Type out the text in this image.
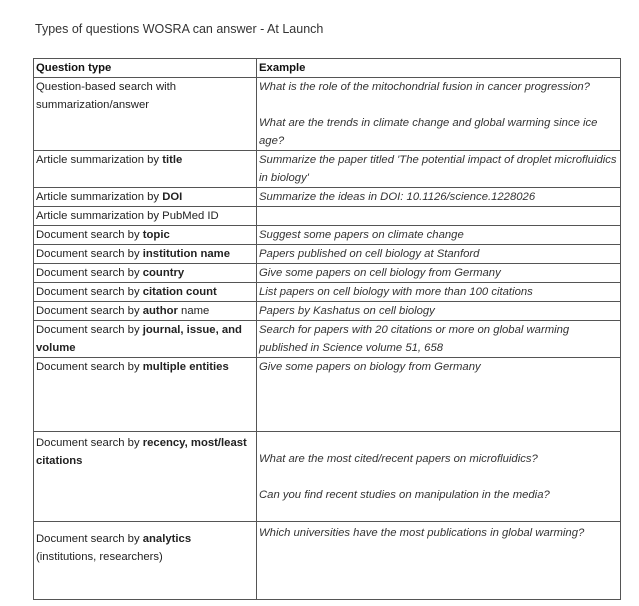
Types of questions WOSRA can answer - At Launch
Question type	Example
Question-based search with summarization/answer	What is the role of the mitochondrial fusion in cancer progression?

What are the trends in climate change and global warming since ice age?

Article summarization by title	Summarize the paper titled 'The potential impact of droplet microfluidics in biology'

Article summarization by DOI	Summarize the ideas in DOI: 10.1126/science.1228026

Article summarization by PubMed ID	

Document search by topic	Suggest some papers on climate change

Document search by institution name	Papers published on cell biology at Stanford

Document search by country	Give some papers on cell biology from Germany

Document search by citation count	List papers on cell biology with more than 100 citations

Document search by author name	Papers by Kashatus on cell biology

Document search by journal, issue, and volume	Search for papers with 20 citations or more on global warming published in Science volume 51, 658

Document search by multiple entities	Give some papers on biology from Germany

Document search by recency, most/least citations	What are the most cited/recent papers on microfluidics?

Can you find recent studies on manipulation in the media?

Document search by analytics (institutions, researchers)	Which universities have the most publications in global warming?
